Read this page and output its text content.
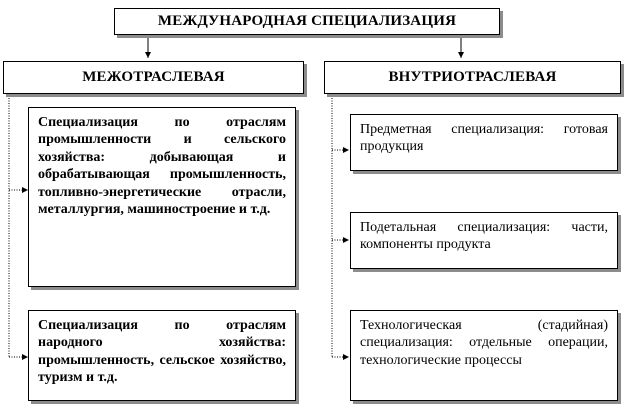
МЕЖДУНАРОДНАЯ СПЕЦИАЛИЗАЦИЯ
МЕЖОТРАСЛЕВАЯ	ВНУТРИОТРАСЛЕВАЯ
Специализация по отраслям промышленности и сельского хозяйства: добывающая и обрабатывающая промышленность, топливно-энергетические отрасли, металлургия, машиностроение и т.д.
Специализация по отраслям народного хозяйства: промышленность, сельское хозяйство, туризм и т.д.
Предметная специализация: готовая продукция
Подетальная специализация: части, компоненты продукта
Технологическая (стадийная) специализация: отдельные операции, технологические процессы
